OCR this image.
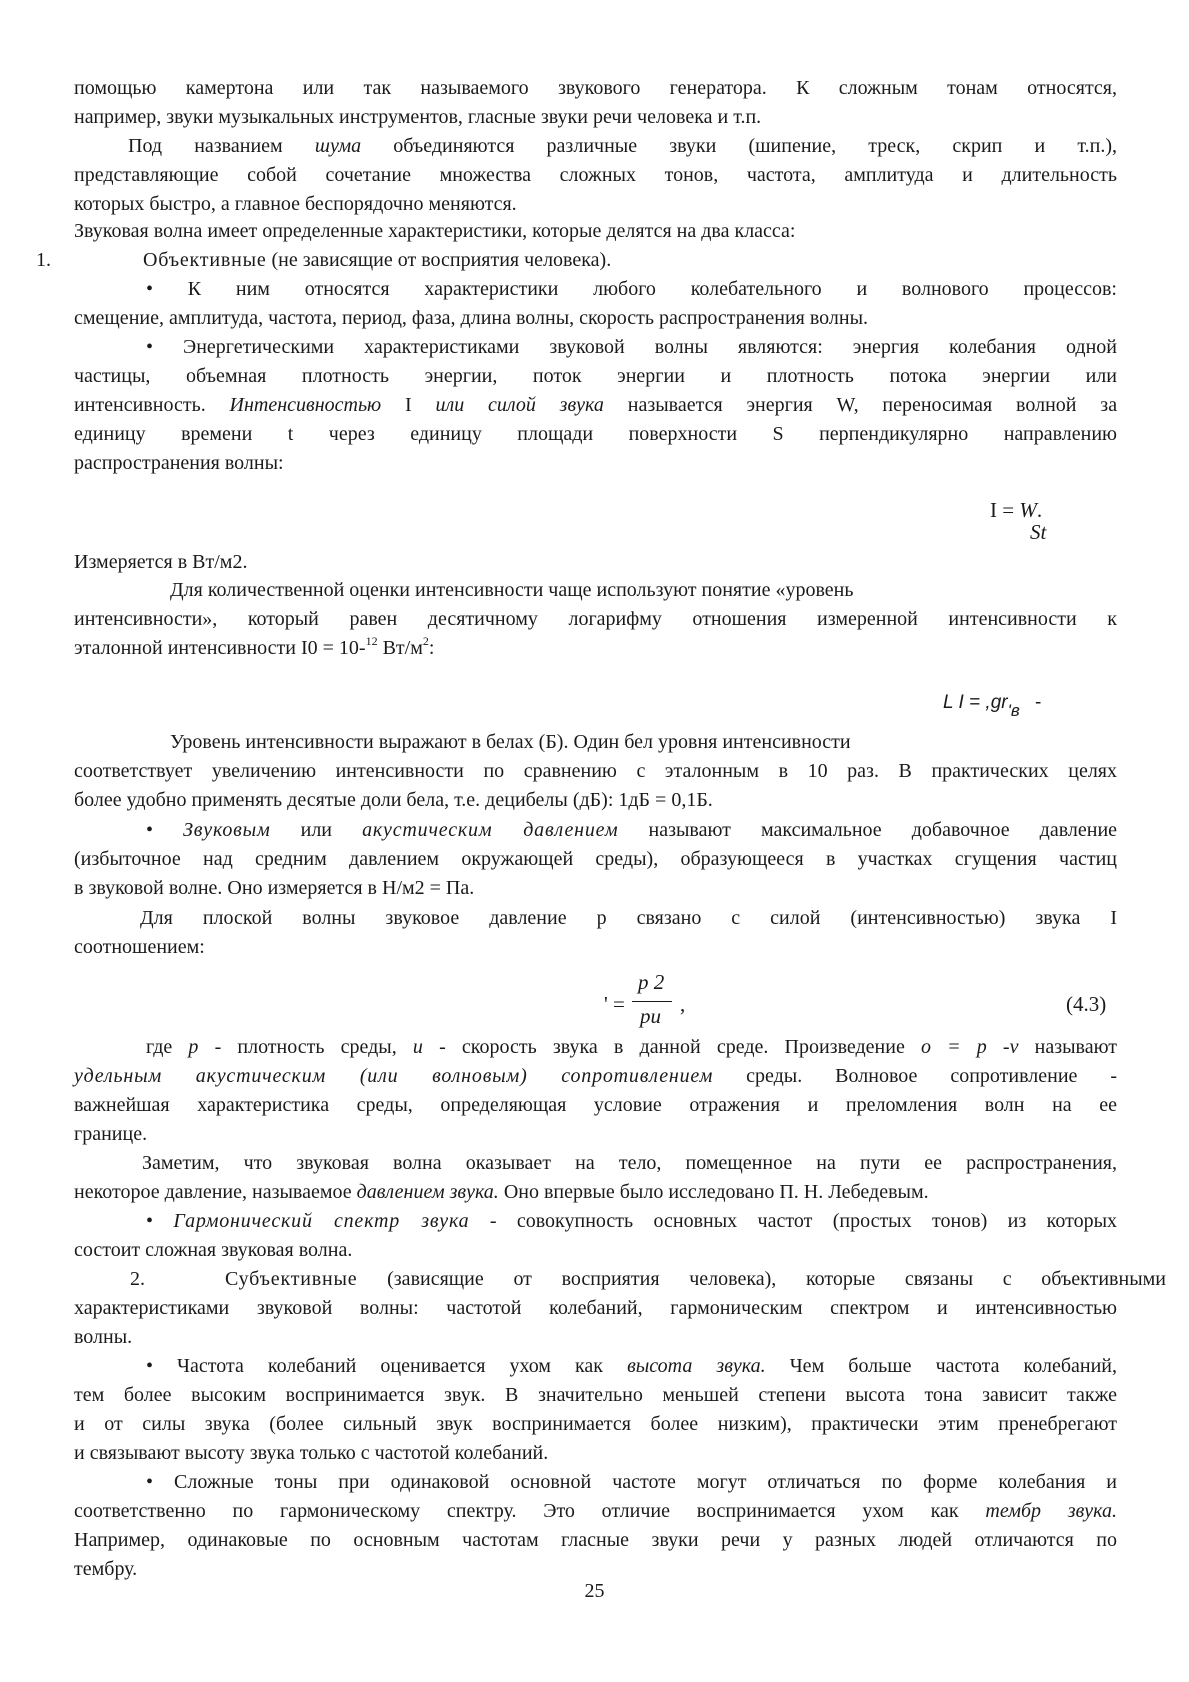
помощью камертона или так называемого звукового генератора. К сложным тонам относятся,
например, звуки музыкальных инструментов, гласные звуки речи человека и т.п.
Под названием шума объединяются различные звуки (шипение, треск, скрип и т.п.),
представляющие собой сочетание множества сложных тонов, частота, амплитуда и длительность
которых быстро, а главное беспорядочно меняются.
Звуковая волна имеет определенные характеристики, которые делятся на два класса:
1.	Объективные (не зависящие от восприятия человека).
• К ним относятся характеристики любого колебательного и волнового процессов:
смещение, амплитуда, частота, период, фаза, длина волны, скорость распространения волны.
• Энергетическими характеристиками звуковой волны являются: энергия колебания одной
частицы, объемная плотность энергии, поток энергии и плотность потока энергии или
интенсивность. Интенсивностью I или силой звука называется энергия W, переносимая волной за
единицу времени t через единицу площади поверхности S перпендикулярно направлению
распространения волны:
I = W.
St
Измеряется в Вт/м2.
Для количественной оценки интенсивности чаще используют понятие «уровень
интенсивности», который равен десятичному логарифму отношения измеренной интенсивности к
эталонной интенсивности I0 = 10-$^{12}$ $Вт/м^2$:
L $I = ,gr_{'в}$ -
Уровень интенсивности выражают в белах (Б). Один бел уровня интенсивности
соответствует увеличению интенсивности по сравнению с эталонным в 10 раз. В практических целях
более удобно применять десятые доли бела, т.е. децибелы (дБ): 1дБ = 0,1Б.
• Звуковым или акустическим давлением называют максимальное добавочное давление
(избыточное над средним давлением окружающей среды), образующееся в участках сгущения частиц
в звуковой волне. Оно измеряется в Н/м2 = Па.
Для плоской волны звуковое давление р связано с силой (интенсивностью) звука I
соотношением:
p 2
' = pu ,	(4.3)
где р - плотность среды, и - скорость звука в данной среде. Произведение о = р -v называют
удельным акустическим (или волновым) сопротивлением среды. Волновое сопротивление -
важнейшая характеристика среды, определяющая условие отражения и преломления волн на ее
границе.
Заметим, что звуковая волна оказывает на тело, помещенное на пути ее распространения,
некоторое давление, называемое давлением звука. Оно впервые было исследовано П. Н. Лебедевым.
• Гармонический спектр звука - совокупность основных частот (простых тонов) из которых
состоит сложная звуковая волна.
2.	Субъективные (зависящие от восприятия человека), которые связаны с объективными
характеристиками звуковой волны: частотой колебаний, гармоническим спектром и интенсивностью
волны.
• Частота колебаний оценивается ухом как высота звука. Чем больше частота колебаний,
тем более высоким воспринимается звук. В значительно меньшей степени высота тона зависит также
и от силы звука (более сильный звук воспринимается более низким), практически этим пренебрегают
и связывают высоту звука только с частотой колебаний.
• Сложные тоны при одинаковой основной частоте могут отличаться по форме колебания и
соответственно по гармоническому спектру. Это отличие воспринимается ухом как тембр звука.
Например, одинаковые по основным частотам гласные звуки речи у разных людей отличаются по
тембру.
25
